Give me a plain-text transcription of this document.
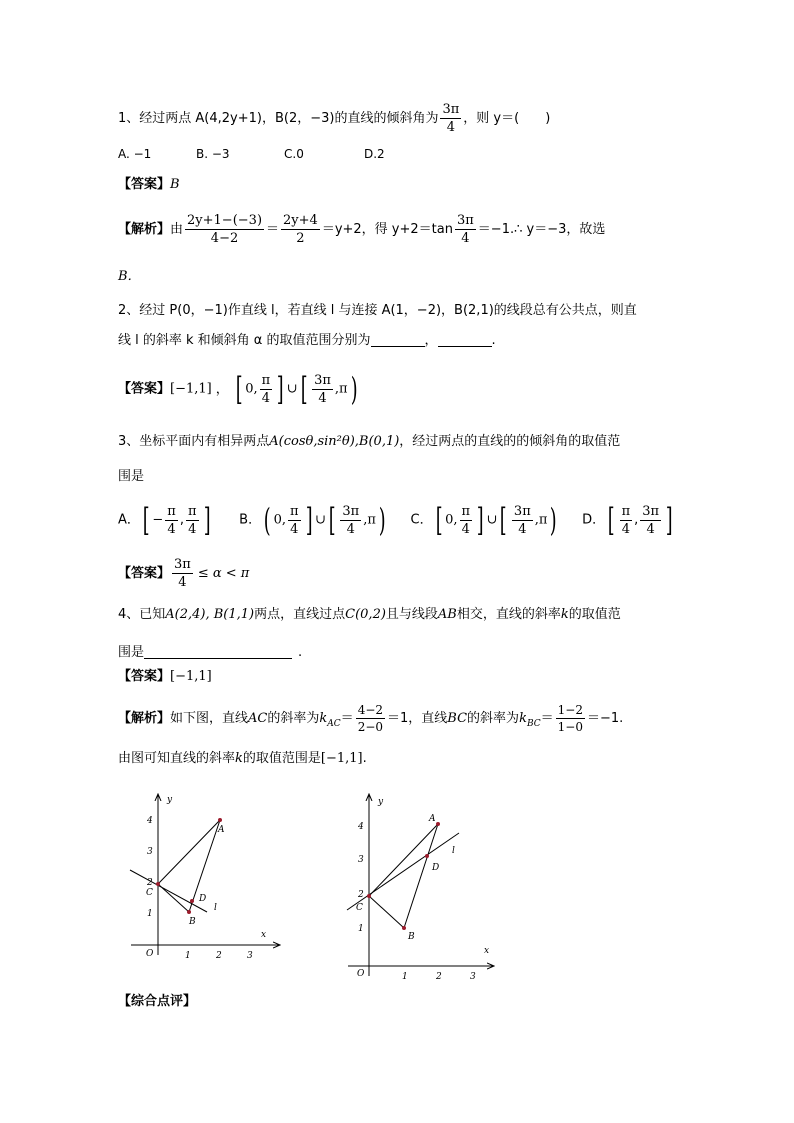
1、经过两点 A(4,2y+1)，B(2，−3)的直线的倾斜角为 $\frac{3\pi}{4}$ ，则 y＝(　　)
A. −1	B. −3	C.0	D.2
【答案】B
【解析】由 $\frac{2y+1-(-3)}{4-2} = \frac{2y+4}{2} =y+2$，得 $y+2=\tan \frac{3\pi}{4}$ ＝−1.∴ y＝−3，故选
B．
2、经过 P(0，−1)作直线 l，若直线 l 与连接 A(1，−2)，B(2,1)的线段总有公共点，则直
线 l 的斜率 k 和倾斜角 α 的取值范围分别为	，	.
【答案】[−1,1] ， [ 0, $\frac{\pi}{4}$ ] ∪[ $\frac{3\pi}{4} ,\pi$)
3、坐标平面内有相异两点A(cosθ,sin²θ),B(0,1)，经过两点的直线的的倾斜角的取值范
围是
A．[ − $\frac{\pi}{4}$ , $\frac{\pi}{4}$ ] B．( 0, $\frac{\pi}{4}$ ] ∪[ $\frac{3\pi}{4} ,\pi$) C．[ 0, $\frac{\pi}{4}$ ] ∪[ $\frac{3\pi}{4} ,\pi$) D．[ $\frac{\pi}{4}$ , $\frac{3\pi}{4}$ ]
【答案】 $\frac{3\pi}{4} \le \alpha < \pi$
4、已知A(2,4), B(1,1)两点，直线过点C(0,2)且与线段AB相交，直线的斜率k的取值范
围是	.
【答案】[−1,1]
【解析】如下图，直线AC的斜率为$k_{AC}= \frac{4-2}{2-0} =1$，直线BC的斜率为$k_{BC}= \frac{1-2}{1-0} =-1$.
由图可知直线的斜率k的取值范围是[−1,1].
y
x
O
4
3
2
1
1	2	3
A
B
C
D
l
y
x
O
4
3
2
1
1	2	3
A
B
C
D
l
【综合点评】
